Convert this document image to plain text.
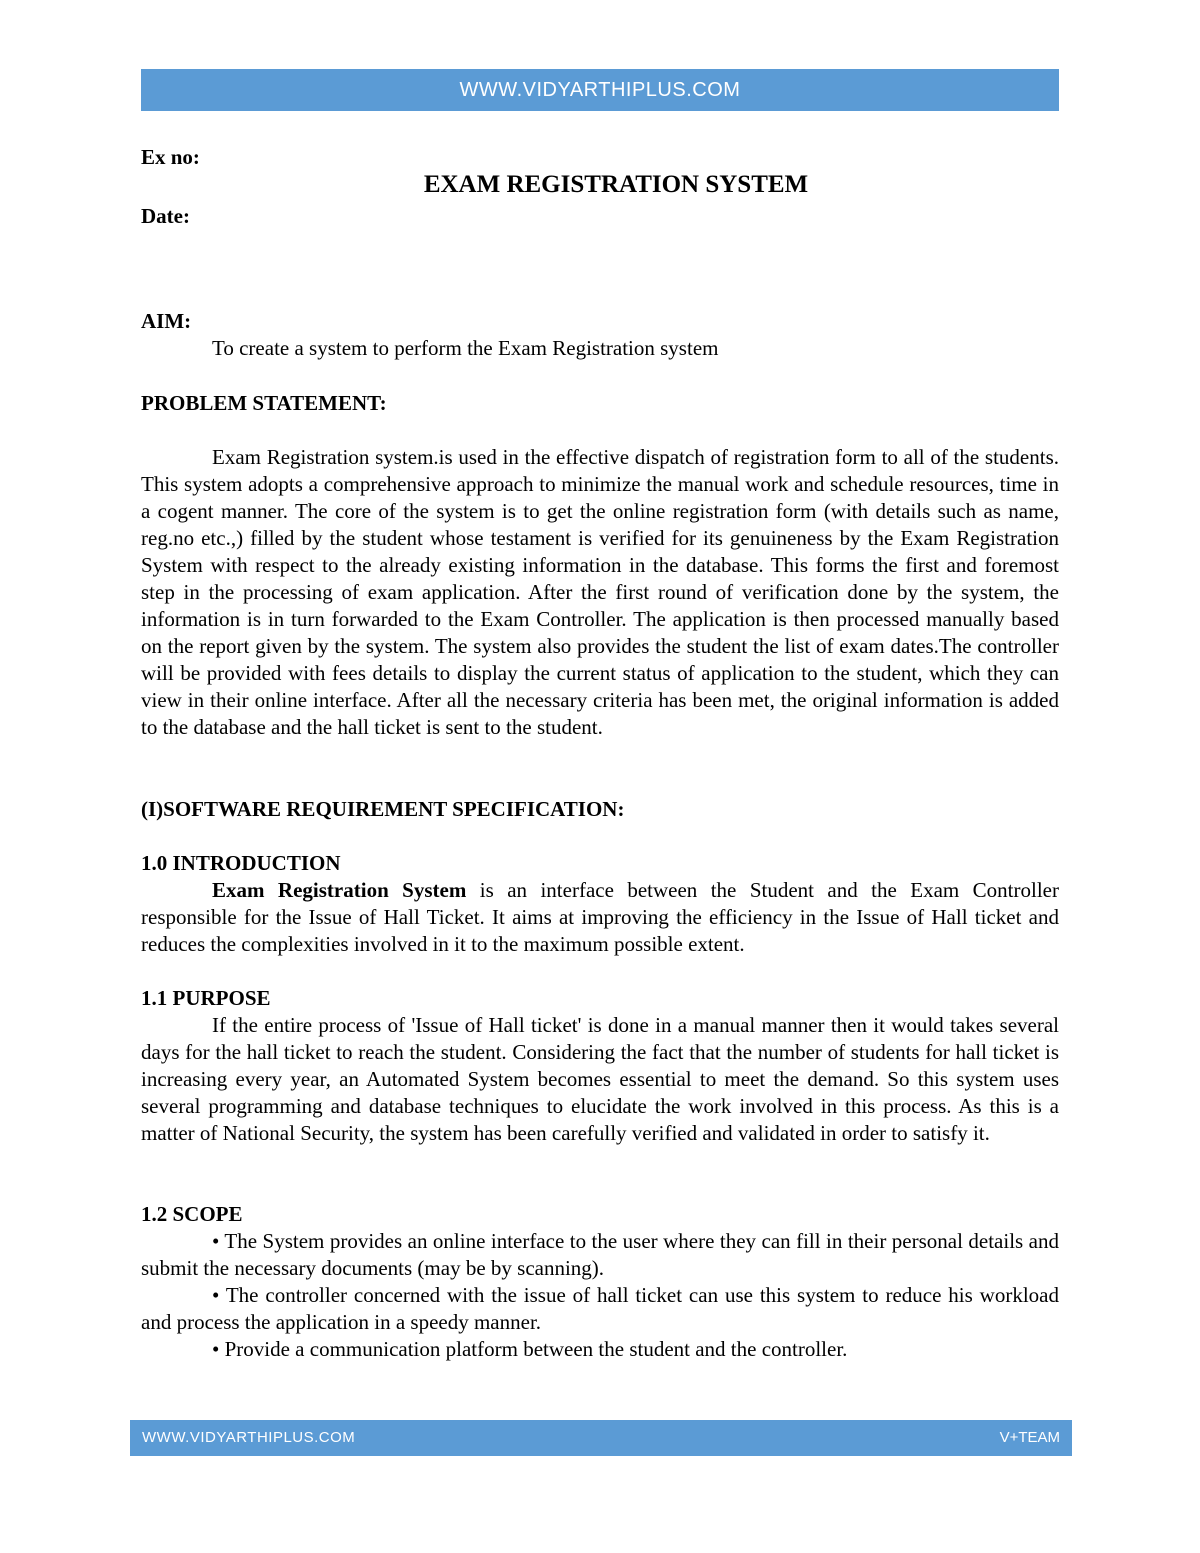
WWW.VIDYARTHIPLUS.COM
Ex no:
EXAM REGISTRATION SYSTEM
Date:
AIM:
To create a system to perform the Exam Registration system
PROBLEM STATEMENT:

Exam Registration system.is used in the effective dispatch of registration form to all of the students. This system adopts a comprehensive approach to minimize the manual work and schedule resources, time in a cogent manner. The core of the system is to get the online registration form (with details such as name, reg.no etc.,) filled by the student whose testament is verified for its genuineness by the Exam Registration System with respect to the already existing information in the database. This forms the first and foremost step in the processing of exam application. After the first round of verification done by the system, the information is in turn forwarded to the Exam Controller. The application is then processed manually based on the report given by the system. The system also provides the student the list of exam dates.The controller will be provided with fees details to display the current status of application to the student, which they can view in their online interface. After all the necessary criteria has been met, the original information is added to the database and the hall ticket is sent to the student.

(I)SOFTWARE REQUIREMENT SPECIFICATION:
1.0 INTRODUCTION

Exam Registration System is an interface between the Student and the Exam Controller responsible for the Issue of Hall Ticket. It aims at improving the efficiency in the Issue of Hall ticket and reduces the complexities involved in it to the maximum possible extent.

1.1 PURPOSE

If the entire process of 'Issue of Hall ticket' is done in a manual manner then it would takes several days for the hall ticket to reach the student. Considering the fact that the number of students for hall ticket is increasing every year, an Automated System becomes essential to meet the demand. So this system uses several programming and database techniques to elucidate the work involved in this process. As this is a matter of National Security, the system has been carefully verified and validated in order to satisfy it.

1.2 SCOPE

• The System provides an online interface to the user where they can fill in their personal details and submit the necessary documents (may be by scanning).

• The controller concerned with the issue of hall ticket can use this system to reduce his workload and process the application in a speedy manner.

• Provide a communication platform between the student and the controller.

WWW.VIDYARTHIPLUS.COM	V+TEAM
